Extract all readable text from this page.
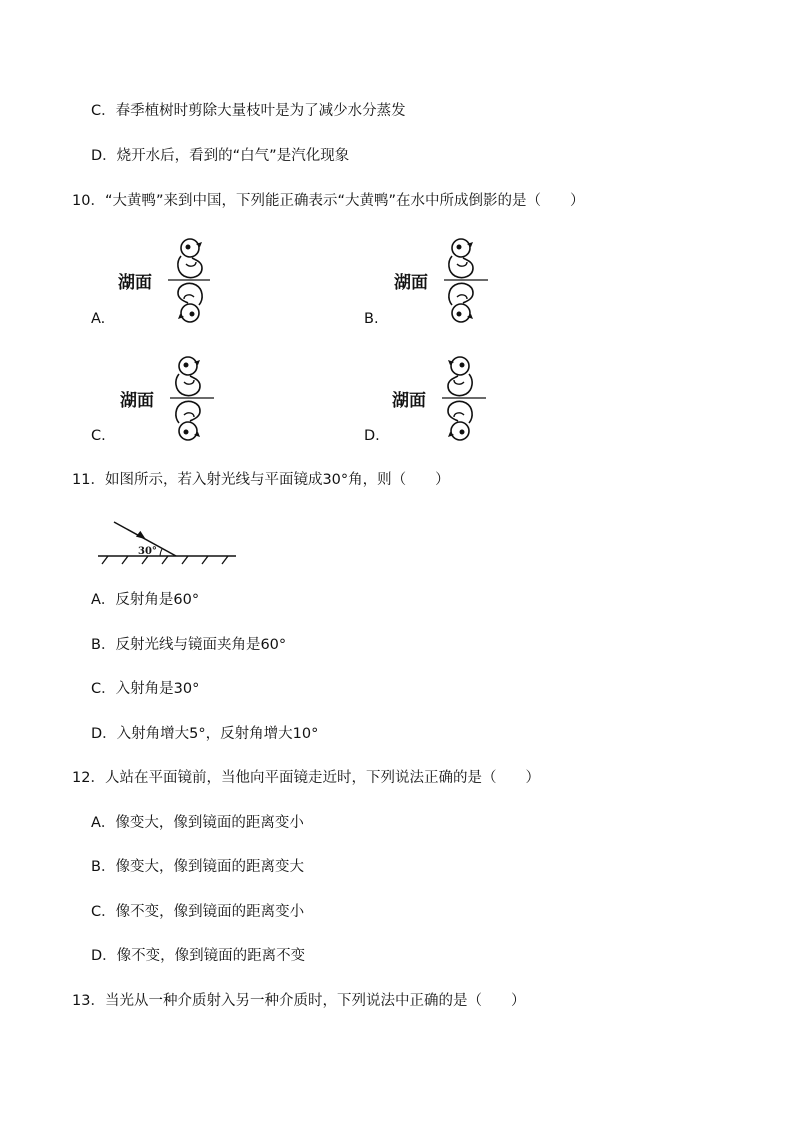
C．春季植树时剪除大量枝叶是为了减少水分蒸发
D．烧开水后，看到的“白气”是汽化现象
10．“大黄鸭”来到中国，下列能正确表示“大黄鸭”在水中所成倒影的是（　　）
湖面
A.
湖面
B.
湖面
C.
湖面
D.
11．如图所示，若入射光线与平面镜成30°角，则（　　）
30°
A．反射角是60°
B．反射光线与镜面夹角是60°
C．入射角是30°
D．入射角增大5°，反射角增大10°
12．人站在平面镜前，当他向平面镜走近时，下列说法正确的是（　　）
A．像变大，像到镜面的距离变小
B．像变大，像到镜面的距离变大
C．像不变，像到镜面的距离变小
D．像不变，像到镜面的距离不变
13．当光从一种介质射入另一种介质时，下列说法中正确的是（　　）
